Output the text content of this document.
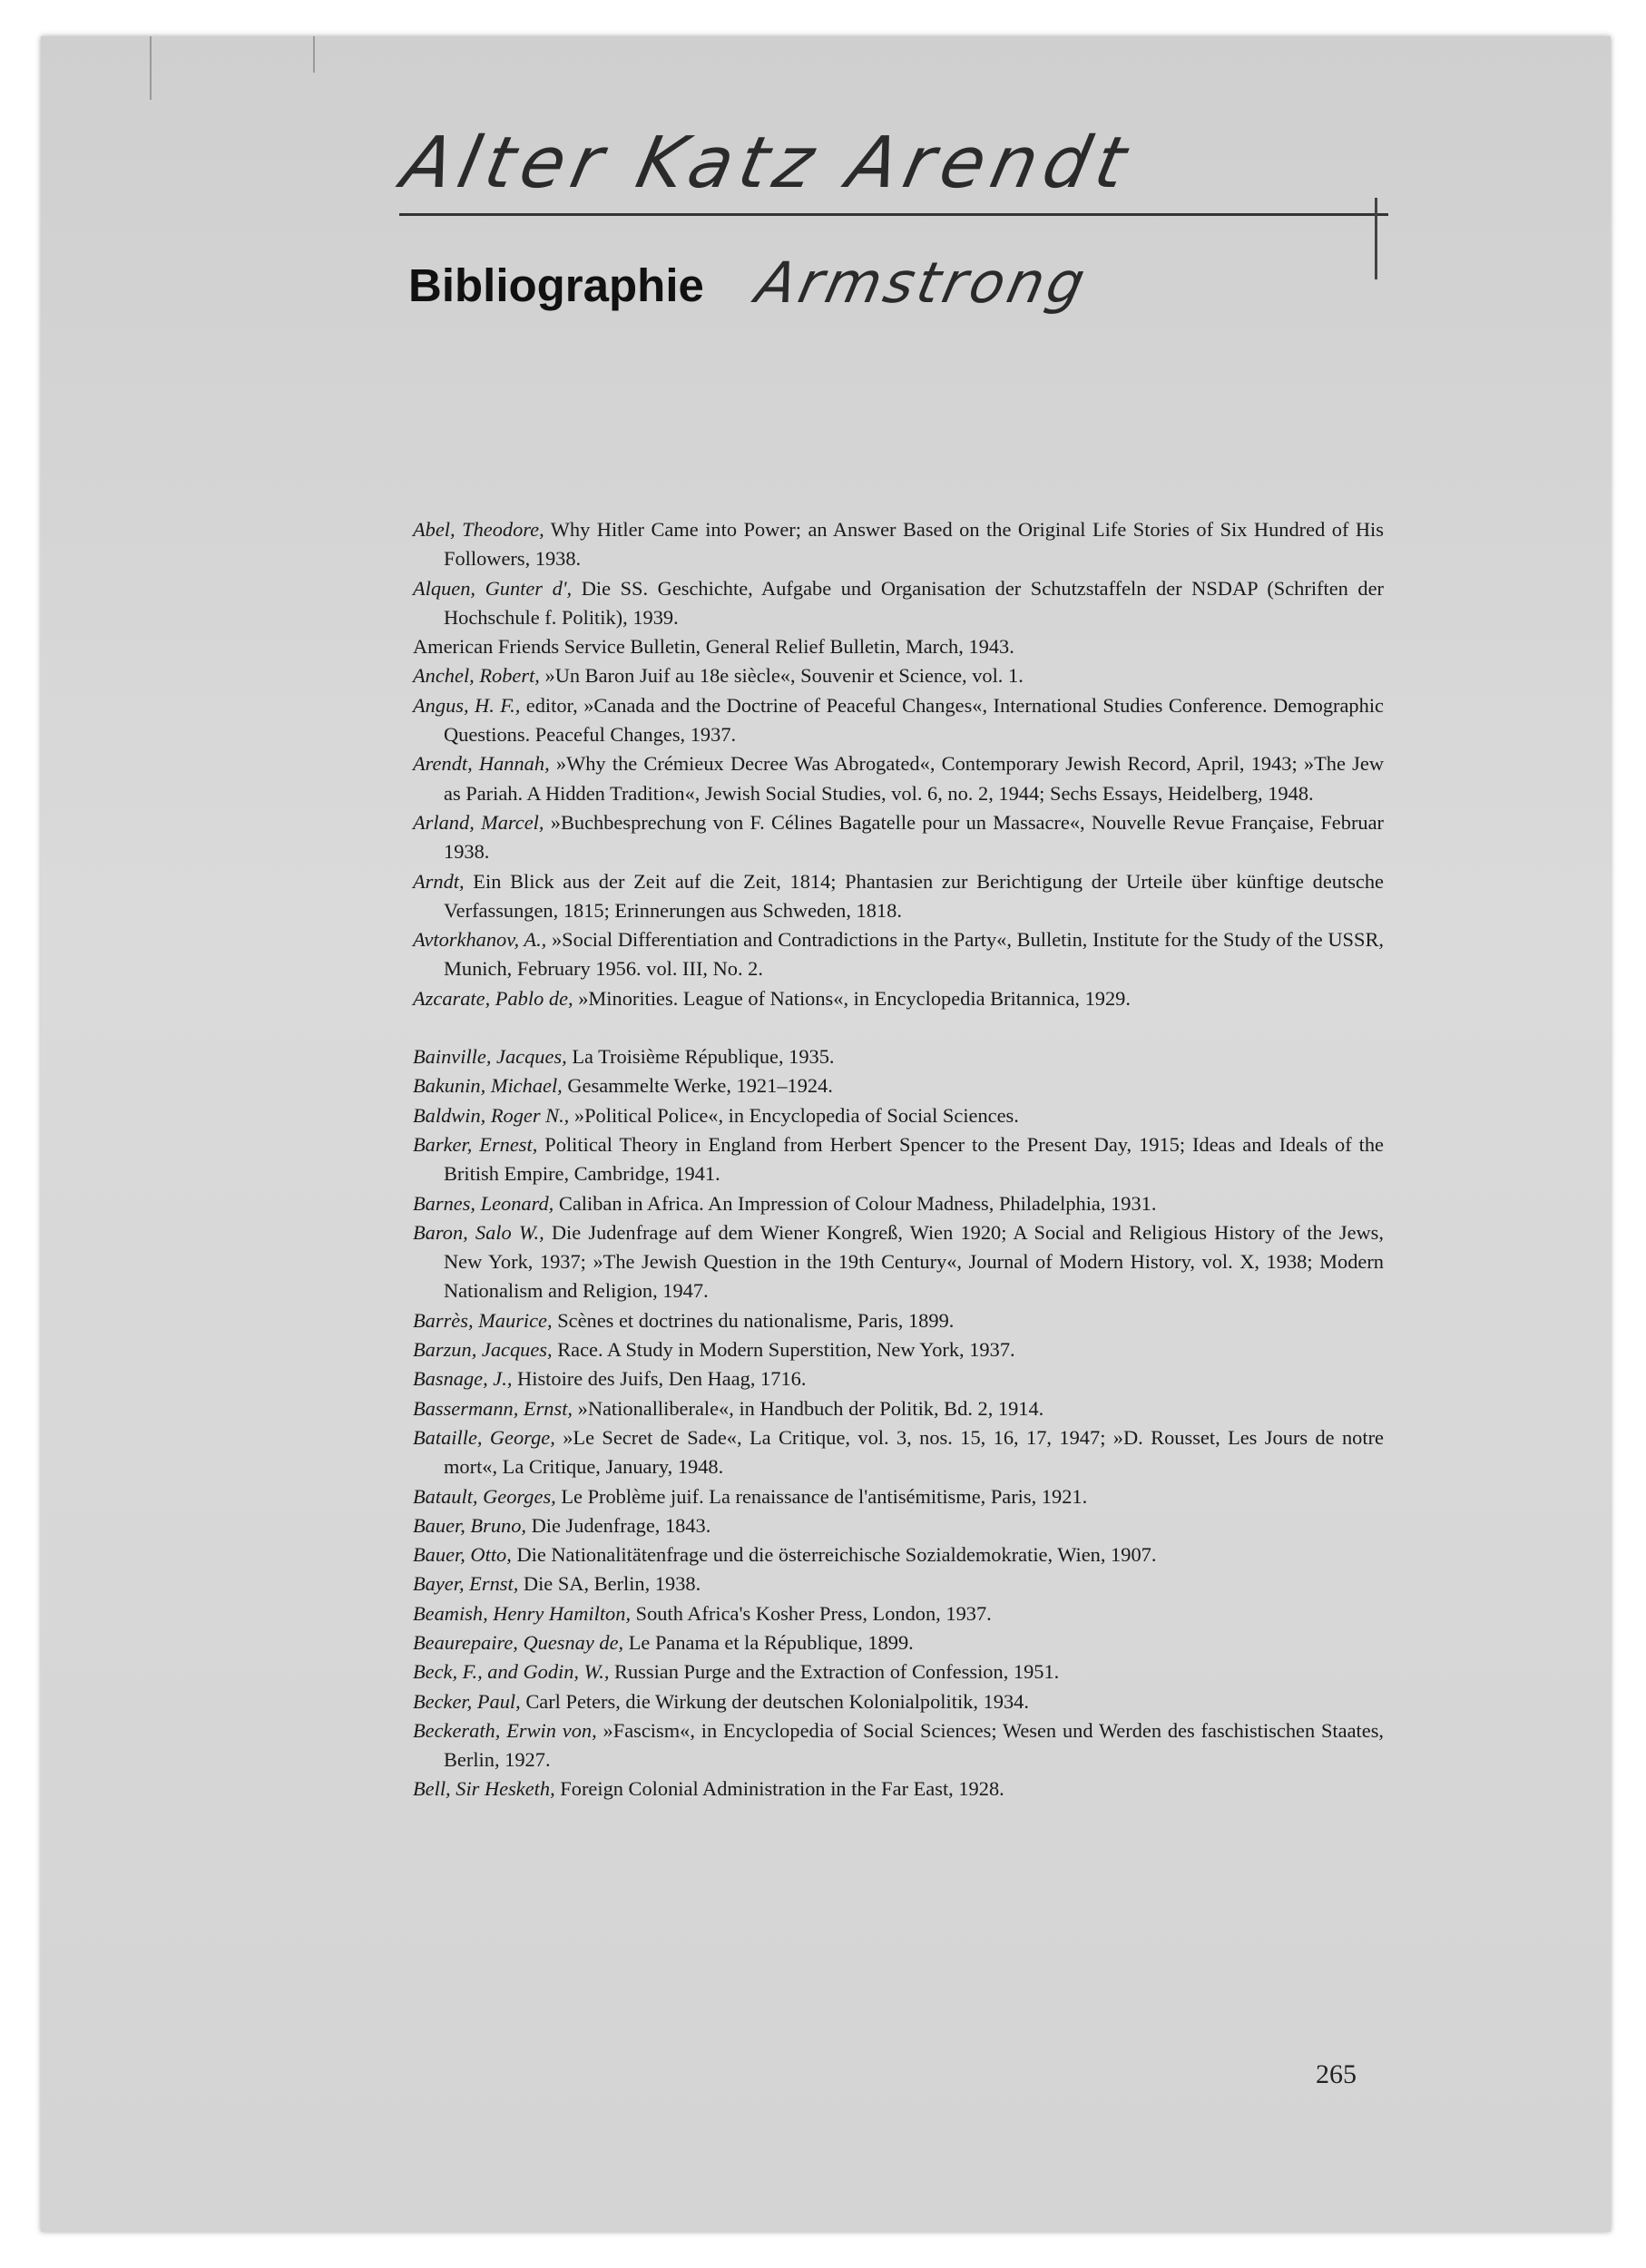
Alter Katz Arendt
Bibliographie Armstrong
Abel, Theodore, Why Hitler Came into Power; an Answer Based on the Original Life Stories of Six Hundred of His Followers, 1938.
Alquen, Gunter d', Die SS. Geschichte, Aufgabe und Organisation der Schutzstaffeln der NSDAP (Schriften der Hochschule f. Politik), 1939.
American Friends Service Bulletin, General Relief Bulletin, March, 1943.
Anchel, Robert, »Un Baron Juif au 18e siècle«, Souvenir et Science, vol. 1.
Angus, H. F., editor, »Canada and the Doctrine of Peaceful Changes«, International Studies Conference. Demographic Questions. Peaceful Changes, 1937.
Arendt, Hannah, »Why the Crémieux Decree Was Abrogated«, Contemporary Jewish Record, April, 1943; »The Jew as Pariah. A Hidden Tradition«, Jewish Social Studies, vol. 6, no. 2, 1944; Sechs Essays, Heidelberg, 1948.
Arland, Marcel, »Buchbesprechung von F. Célines Bagatelle pour un Massacre«, Nouvelle Revue Française, Februar 1938.
Arndt, Ein Blick aus der Zeit auf die Zeit, 1814; Phantasien zur Berichtigung der Urteile über künftige deutsche Verfassungen, 1815; Erinnerungen aus Schweden, 1818.
Avtorkhanov, A., »Social Differentiation and Contradictions in the Party«, Bulletin, Institute for the Study of the USSR, Munich, February 1956. vol. III, No. 2.
Azcarate, Pablo de, »Minorities. League of Nations«, in Encyclopedia Britannica, 1929.
Bainville, Jacques, La Troisième République, 1935.
Bakunin, Michael, Gesammelte Werke, 1921–1924.
Baldwin, Roger N., »Political Police«, in Encyclopedia of Social Sciences.
Barker, Ernest, Political Theory in England from Herbert Spencer to the Present Day, 1915; Ideas and Ideals of the British Empire, Cambridge, 1941.
Barnes, Leonard, Caliban in Africa. An Impression of Colour Madness, Philadelphia, 1931.
Baron, Salo W., Die Judenfrage auf dem Wiener Kongreß, Wien 1920; A Social and Religious History of the Jews, New York, 1937; »The Jewish Question in the 19th Century«, Journal of Modern History, vol. X, 1938; Modern Nationalism and Religion, 1947.
Barrès, Maurice, Scènes et doctrines du nationalisme, Paris, 1899.
Barzun, Jacques, Race. A Study in Modern Superstition, New York, 1937.
Basnage, J., Histoire des Juifs, Den Haag, 1716.
Bassermann, Ernst, »Nationalliberale«, in Handbuch der Politik, Bd. 2, 1914.
Bataille, George, »Le Secret de Sade«, La Critique, vol. 3, nos. 15, 16, 17, 1947; »D. Rousset, Les Jours de notre mort«, La Critique, January, 1948.
Batault, Georges, Le Problème juif. La renaissance de l'antisémitisme, Paris, 1921.
Bauer, Bruno, Die Judenfrage, 1843.
Bauer, Otto, Die Nationalitätenfrage und die österreichische Sozialdemokratie, Wien, 1907.
Bayer, Ernst, Die SA, Berlin, 1938.
Beamish, Henry Hamilton, South Africa's Kosher Press, London, 1937.
Beaurepaire, Quesnay de, Le Panama et la République, 1899.
Beck, F., and Godin, W., Russian Purge and the Extraction of Confession, 1951.
Becker, Paul, Carl Peters, die Wirkung der deutschen Kolonialpolitik, 1934.
Beckerath, Erwin von, »Fascism«, in Encyclopedia of Social Sciences; Wesen und Werden des faschistischen Staates, Berlin, 1927.
Bell, Sir Hesketh, Foreign Colonial Administration in the Far East, 1928.
265
